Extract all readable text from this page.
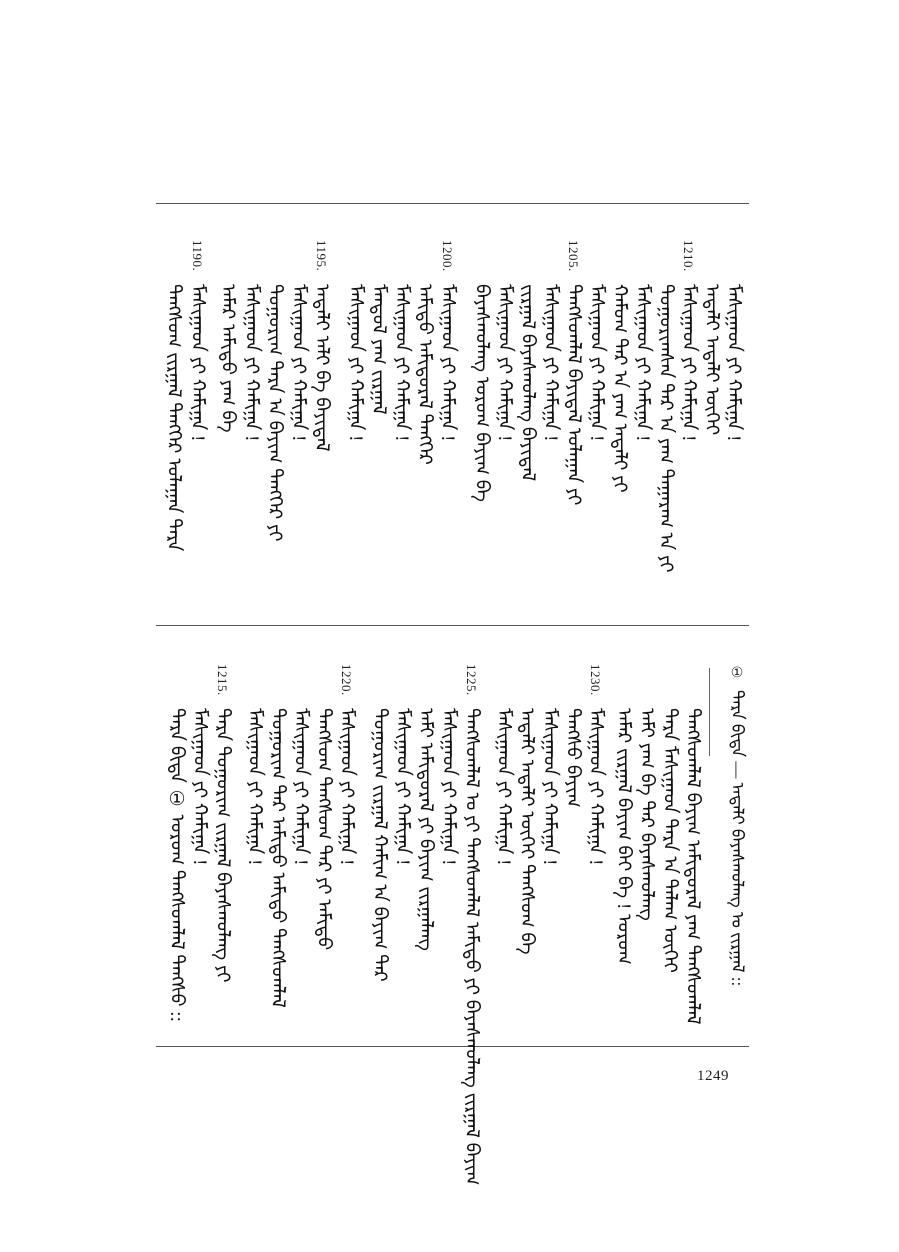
ᠮᠠᠰᠢᠭᠠᠳ ᠶᠢ ᠬᠠᠮᠢᠭᠠ !
ᠠᠳᠠᠯᠢ ᠠᠳᠠᠯᠢ ᠦᠭᠡᠢ
1210.
ᠮᠠᠰᠢᠭᠠᠳ ᠶᠢ ᠬᠠᠮᠢᠭᠠ !
ᠲᠣᠭᠣᠷᠢᠭᠰᠠᠨ ᠲᠠᠷ ᠠ ᠶᠠᠭ ᠲᠠᠭᠠᠷᠠᠭ ᠠ ᠶᠢ
ᠮᠠᠰᠢᠭᠠᠳ ᠶᠢ ᠬᠠᠮᠢᠭᠠ !
ᠬᠠᠮᠤᠭ ᠲᠠᠷ ᠠ ᠶᠠᠭ ᠠᠳᠠᠯᠢ ᠶᠢ
ᠮᠠᠰᠢᠭᠠᠳ ᠶᠢ ᠬᠠᠮᠢᠭᠠ !
1205.
ᠲᠠᠩᠰᠤᠭᠯᠠᠯ ᠪᠠᠶᠢᠳᠠᠯ ᠤᠯᠠᠭᠠᠨ ᠶᠢ
ᠮᠠᠰᠢᠭᠠᠳ ᠶᠢ ᠬᠠᠮᠢᠭᠠ !
ᠵᠢᠷᠭᠠᠯ ᠪᠠᠶᠠᠰᠬᠤᠯᠠᠩ ᠪᠠᠶᠢᠳᠠᠯ
ᠮᠠᠰᠢᠭᠠᠳ ᠶᠢ ᠬᠠᠮᠢᠭᠠ !
ᠪᠠᠶᠠᠰᠬᠤᠯᠠᠩ ᠤᠷᠤᠭ ᠪᠠᠶᠢᠭ ᠪᠡ
1200.
ᠮᠠᠰᠢᠭᠠᠳ ᠶᠢ ᠬᠠᠮᠢᠭᠠ !
ᠠᠮᠢᠳᠤ ᠠᠮᠢᠳᠤᠷᠠᠯ ᠲᠡᠩᠭᠡᠷ
ᠮᠠᠰᠢᠭᠠᠳ ᠶᠢ ᠬᠠᠮᠢᠭᠠ !
ᠮᠠᠨᠳᠤᠯ ᠶᠠᠭ ᠵᠢᠷᠭᠠᠯ
ᠮᠠᠰᠢᠭᠠᠳ ᠶᠢ ᠬᠠᠮᠢᠭᠠ !
1195.
ᠠᠳᠠᠯᠢ ᠠᠯᠢ ᠪᠡ ᠪᠠᠶᠢᠳᠠᠯ
ᠮᠠᠰᠢᠭᠠᠳ ᠶᠢ ᠬᠠᠮᠢᠭᠠ !
ᠲᠣᠭᠣᠷᠢᠭ ᠲᠡᠷᠡ ᠠ ᠪᠠᠶᠢᠭ ᠲᠡᠩᠭᠡᠷ ᠶᠢ
ᠮᠠᠰᠢᠭᠠᠳ ᠶᠢ ᠬᠠᠮᠢᠭᠠ !
ᠠᠮᠠᠷ ᠠᠮᠢᠳᠤ ᠶᠠᠭ ᠪᠡ
1190.
ᠮᠠᠰᠢᠭᠠᠳ ᠶᠢ ᠬᠠᠮᠢᠭᠠ !
ᠲᠠᠩᠰᠤᠭ ᠵᠢᠷᠭᠠᠯ ᠲᠡᠩᠭᠡᠷ ᠤᠯᠠᠭᠠᠨ ᠲᠡᠷᠡ
①
ᠲᠡᠷᠡ ᠪᠢᠳᠡ — ᠠᠳᠠᠯᠢ ᠪᠠᠶᠠᠰᠬᠤᠯᠠᠩ ᠤ ᠵᠢᠷᠭᠠᠯ ::
ᠲᠠᠩᠰᠤᠭᠯᠠᠯ ᠪᠠᠶᠢᠭ ᠠᠮᠢᠳᠤᠷᠠᠯ ᠶᠠᠭ ᠲᠠᠩᠰᠤᠭᠯᠠᠯ
ᠲᠡᠷᠡ ᠮᠠᠰᠢᠭᠠᠳ ᠲᠡᠷᠡ ᠠ ᠲᠠᠯᠠᠭ ᠦᠭᠡᠢ
ᠠᠮᠢ ᠶᠠᠭ ᠪᠡ ᠲᠠᠷ ᠪᠠᠶᠠᠰᠬᠤᠯᠠᠩ
ᠠᠮᠠᠷ ᠵᠢᠷᠭᠠᠯ ᠪᠠᠶᠢᠭ ᠪᠡᠢ ᠪᠡ ! ᠤᠷᠤᠭ
1230.
ᠮᠠᠰᠢᠭᠠᠳ ᠶᠢ ᠬᠠᠮᠢᠭᠠ !
ᠲᠠᠩᠰᠤ ᠪᠠᠶᠢᠭ
ᠮᠠᠰᠢᠭᠠᠳ ᠶᠢ ᠬᠠᠮᠢᠭᠠ !
ᠠᠳᠠᠯᠢ ᠠᠳᠠᠯᠢ ᠦᠭᠡᠢ ᠲᠠᠩᠰᠤᠭ ᠪᠡ
ᠮᠠᠰᠢᠭᠠᠳ ᠶᠢ ᠬᠠᠮᠢᠭᠠ !
1225.
ᠲᠠᠩᠰᠤᠭᠯᠠᠯ ᠤ ᠶᠢ ᠲᠠᠩᠰᠤᠭᠯᠠᠯ ᠠᠮᠢᠳᠤ ᠶᠢ ᠪᠠᠶᠠᠰᠬᠤᠯᠠᠩ ᠵᠢᠷᠭᠠᠯ ᠪᠠᠶᠢᠭ
ᠮᠠᠰᠢᠭᠠᠳ ᠶᠢ ᠬᠠᠮᠢᠭᠠ !
ᠠᠮᠢ ᠠᠮᠢᠳᠤᠷᠠᠯ ᠶᠢ ᠪᠠᠶᠢᠭ ᠵᠢᠷᠭᠠᠯᠠᠩ
ᠮᠠᠰᠢᠭᠠᠳ ᠶᠢ ᠬᠠᠮᠢᠭᠠ !
ᠲᠣᠭᠣᠷᠢᠭ ᠵᠢᠷᠭᠠᠯ ᠬᠠᠮᠢᠭ ᠠ ᠪᠠᠶᠢᠭ ᠲᠠᠷ
1220.
ᠮᠠᠰᠢᠭᠠᠳ ᠶᠢ ᠬᠠᠮᠢᠭᠠ !
ᠲᠠᠩᠰᠤᠭ ᠲᠠᠩᠰᠤᠭ ᠲᠠᠷ ᠶᠢ ᠠᠮᠢᠳᠤ
ᠮᠠᠰᠢᠭᠠᠳ ᠶᠢ ᠬᠠᠮᠢᠭᠠ !
ᠲᠣᠭᠣᠷᠢᠭ ᠲᠠᠷ ᠠᠮᠢᠳᠤ ᠠᠮᠢᠳᠤ ᠲᠠᠩᠰᠤᠭᠯᠠᠯ
ᠮᠠᠰᠢᠭᠠᠳ ᠶᠢ ᠬᠠᠮᠢᠭᠠ !
1215.
ᠲᠡᠷᠡ ᠲᠣᠭᠣᠷᠢᠭ ᠵᠢᠷᠭᠠᠯ ᠪᠠᠶᠠᠰᠬᠤᠯᠠᠩ ᠶᠢ
ᠮᠠᠰᠢᠭᠠᠳ ᠶᠢ ᠬᠠᠮᠢᠭᠠ !
ᠲᠡᠷᠡ ᠪᠢᠳᠡ ① ᠤᠷᠤᠭ ᠲᠠᠩᠰᠤᠭᠯᠠᠯ ᠲᠠᠩᠰᠤ ::
1249
